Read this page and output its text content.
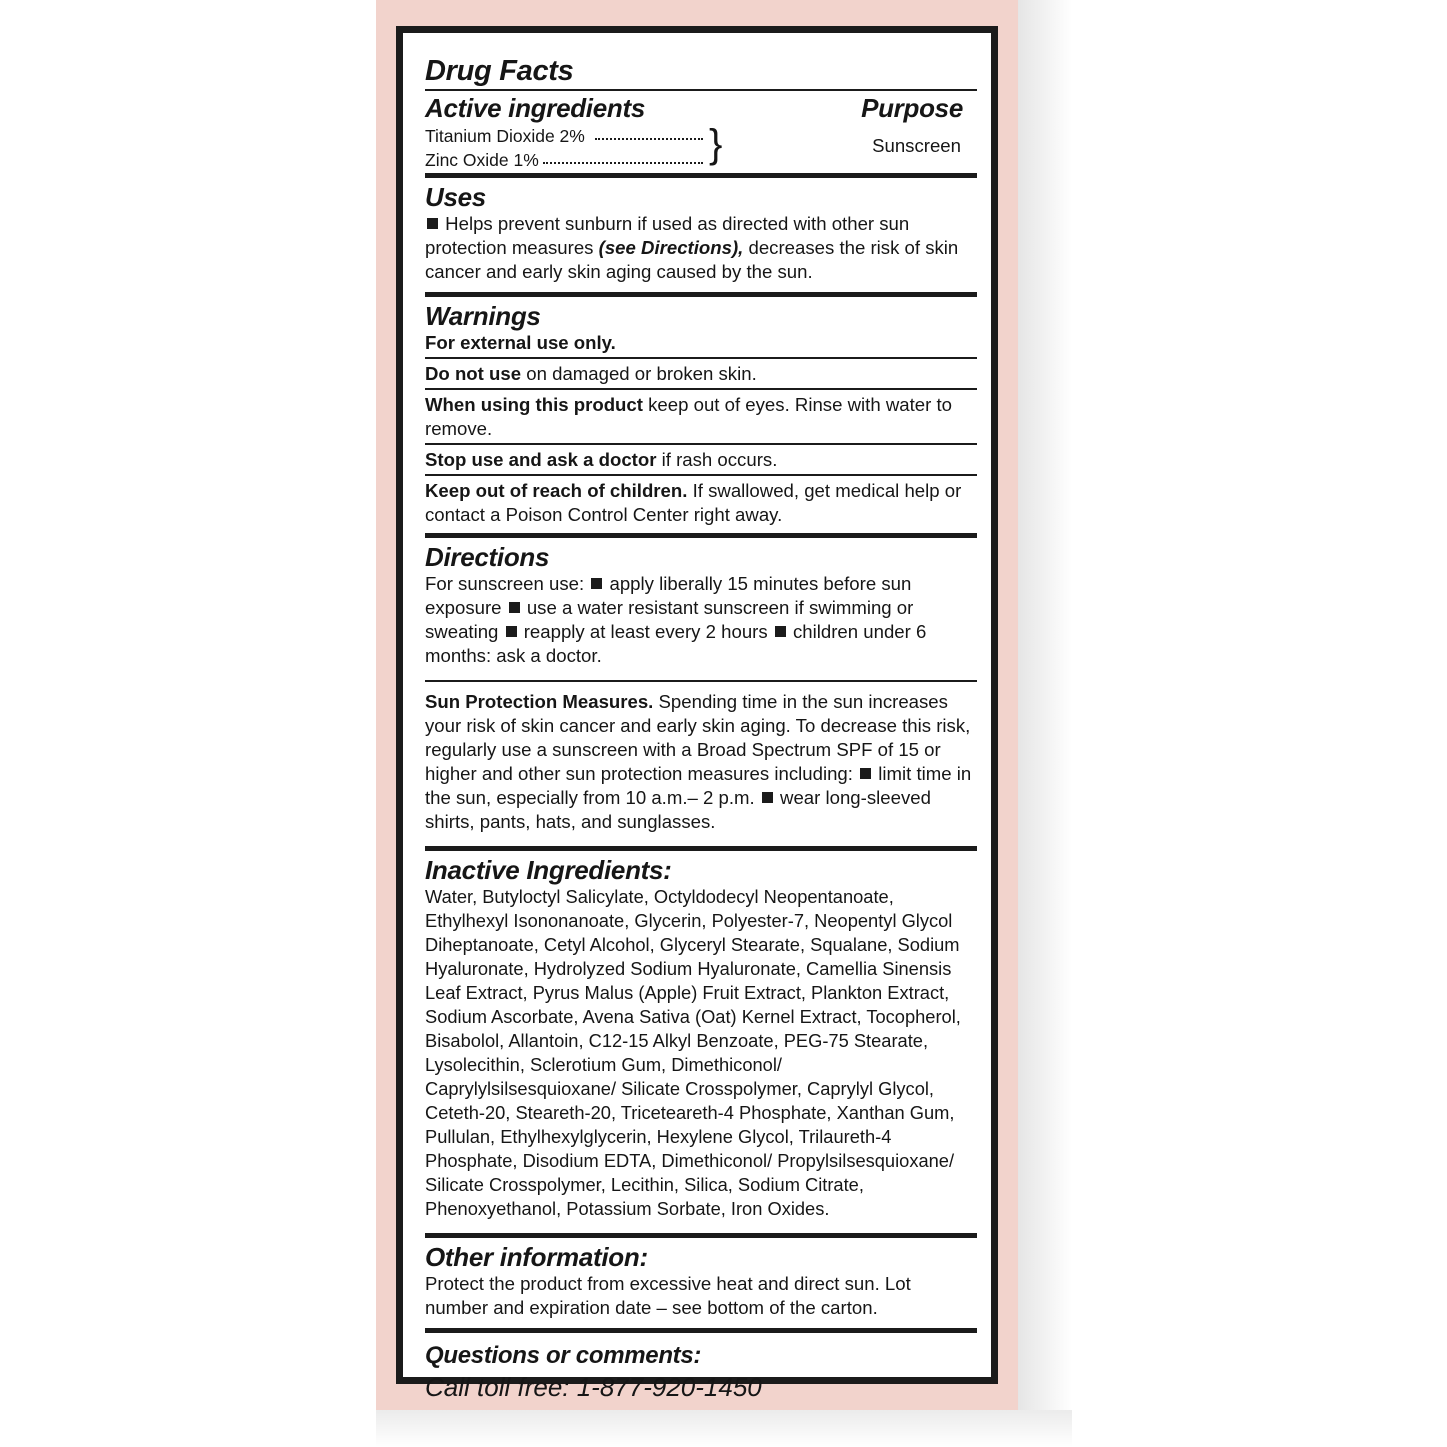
Drug Facts
Active ingredients	Purpose
Titanium Dioxide 2%
Zinc Oxide 1%	}	Sunscreen
Uses

Helps prevent sunburn if used as directed with other sun protection measures (see Directions), decreases the risk of skin cancer and early skin aging caused by the sun.

Warnings
For external use only.
Do not use on damaged or broken skin.
When using this product keep out of eyes. Rinse with water to remove.
Stop use and ask a doctor if rash occurs.
Keep out of reach of children. If swallowed, get medical help or contact a Poison Control Center right away.
Directions

For sunscreen use: apply liberally 15 minutes before sun exposure use a water resistant sunscreen if swimming or sweating reapply at least every 2 hours children under 6 months: ask a doctor.

Sun Protection Measures. Spending time in the sun increases your risk of skin cancer and early skin aging. To decrease this risk, regularly use a sunscreen with a Broad Spectrum SPF of 15 or higher and other sun protection measures including: limit time in the sun, especially from 10 a.m.– 2 p.m. wear long-sleeved shirts, pants, hats, and sunglasses.

Inactive Ingredients:

Water, Butyloctyl Salicylate, Octyldodecyl Neopentanoate, Ethylhexyl Isononanoate, Glycerin, Polyester-7, Neopentyl Glycol Diheptanoate, Cetyl Alcohol, Glyceryl Stearate, Squalane, Sodium Hyaluronate, Hydrolyzed Sodium Hyaluronate, Camellia Sinensis Leaf Extract, Pyrus Malus (Apple) Fruit Extract, Plankton Extract, Sodium Ascorbate, Avena Sativa (Oat) Kernel Extract, Tocopherol, Bisabolol, Allantoin, C12-15 Alkyl Benzoate, PEG-75 Stearate, Lysolecithin, Sclerotium Gum, Dimethiconol/ Caprylylsilsesquioxane/ Silicate Crosspolymer, Caprylyl Glycol, Ceteth-20, Steareth-20, Triceteareth-4 Phosphate, Xanthan Gum, Pullulan, Ethylhexylglycerin, Hexylene Glycol, Trilaureth-4 Phosphate, Disodium EDTA, Dimethiconol/ Propylsilsesquioxane/ Silicate Crosspolymer, Lecithin, Silica, Sodium Citrate, Phenoxyethanol, Potassium Sorbate, Iron Oxides.

Other information:

Protect the product from excessive heat and direct sun. Lot number and expiration date – see bottom of the carton.

Questions or comments:
Call toll free: 1-877-920-1450
